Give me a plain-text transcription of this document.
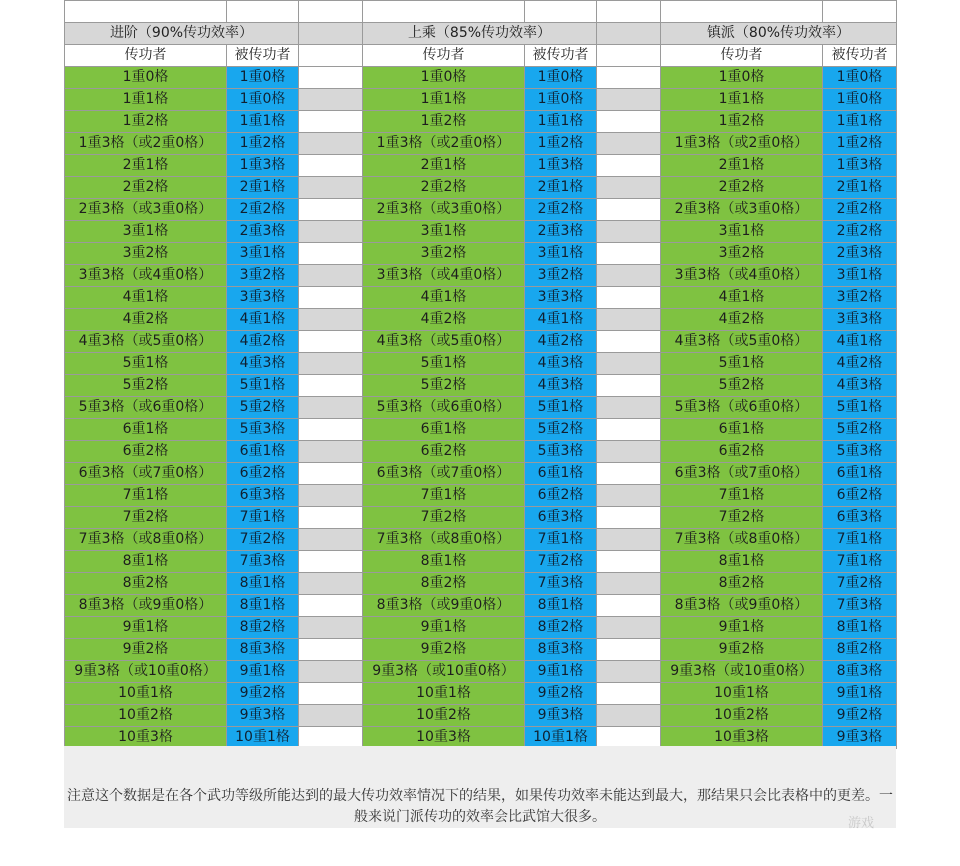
进阶（90%传功效率）			上乘（85%传功效率）			镇派（80%传功效率）	
传功者	被传功者		传功者	被传功者		传功者	被传功者
1重0格	1重0格		1重0格	1重0格		1重0格	1重0格
1重1格	1重0格		1重1格	1重0格		1重1格	1重0格
1重2格	1重1格		1重2格	1重1格		1重2格	1重1格
1重3格（或2重0格）	1重2格		1重3格（或2重0格）	1重2格		1重3格（或2重0格）	1重2格
2重1格	1重3格		2重1格	1重3格		2重1格	1重3格
2重2格	2重1格		2重2格	2重1格		2重2格	2重1格
2重3格（或3重0格）	2重2格		2重3格（或3重0格）	2重2格		2重3格（或3重0格）	2重2格
3重1格	2重3格		3重1格	2重3格		3重1格	2重2格
3重2格	3重1格		3重2格	3重1格		3重2格	2重3格
3重3格（或4重0格）	3重2格		3重3格（或4重0格）	3重2格		3重3格（或4重0格）	3重1格
4重1格	3重3格		4重1格	3重3格		4重1格	3重2格
4重2格	4重1格		4重2格	4重1格		4重2格	3重3格
4重3格（或5重0格）	4重2格		4重3格（或5重0格）	4重2格		4重3格（或5重0格）	4重1格
5重1格	4重3格		5重1格	4重3格		5重1格	4重2格
5重2格	5重1格		5重2格	4重3格		5重2格	4重3格
5重3格（或6重0格）	5重2格		5重3格（或6重0格）	5重1格		5重3格（或6重0格）	5重1格
6重1格	5重3格		6重1格	5重2格		6重1格	5重2格
6重2格	6重1格		6重2格	5重3格		6重2格	5重3格
6重3格（或7重0格）	6重2格		6重3格（或7重0格）	6重1格		6重3格（或7重0格）	6重1格
7重1格	6重3格		7重1格	6重2格		7重1格	6重2格
7重2格	7重1格		7重2格	6重3格		7重2格	6重3格
7重3格（或8重0格）	7重2格		7重3格（或8重0格）	7重1格		7重3格（或8重0格）	7重1格
8重1格	7重3格		8重1格	7重2格		8重1格	7重1格
8重2格	8重1格		8重2格	7重3格		8重2格	7重2格
8重3格（或9重0格）	8重1格		8重3格（或9重0格）	8重1格		8重3格（或9重0格）	7重3格
9重1格	8重2格		9重1格	8重2格		9重1格	8重1格
9重2格	8重3格		9重2格	8重3格		9重2格	8重2格
9重3格（或10重0格）	9重1格		9重3格（或10重0格）	9重1格		9重3格（或10重0格）	8重3格
10重1格	9重2格		10重1格	9重2格		10重1格	9重1格
10重2格	9重3格		10重2格	9重3格		10重2格	9重2格
10重3格	10重1格		10重3格	10重1格		10重3格	9重3格
注意这个数据是在各个武功等级所能达到的最大传功效率情况下的结果，如果传功效率未能达到最大，那结果只会比表格中的更差。一般来说门派传功的效率会比武馆大很多。	游戏
